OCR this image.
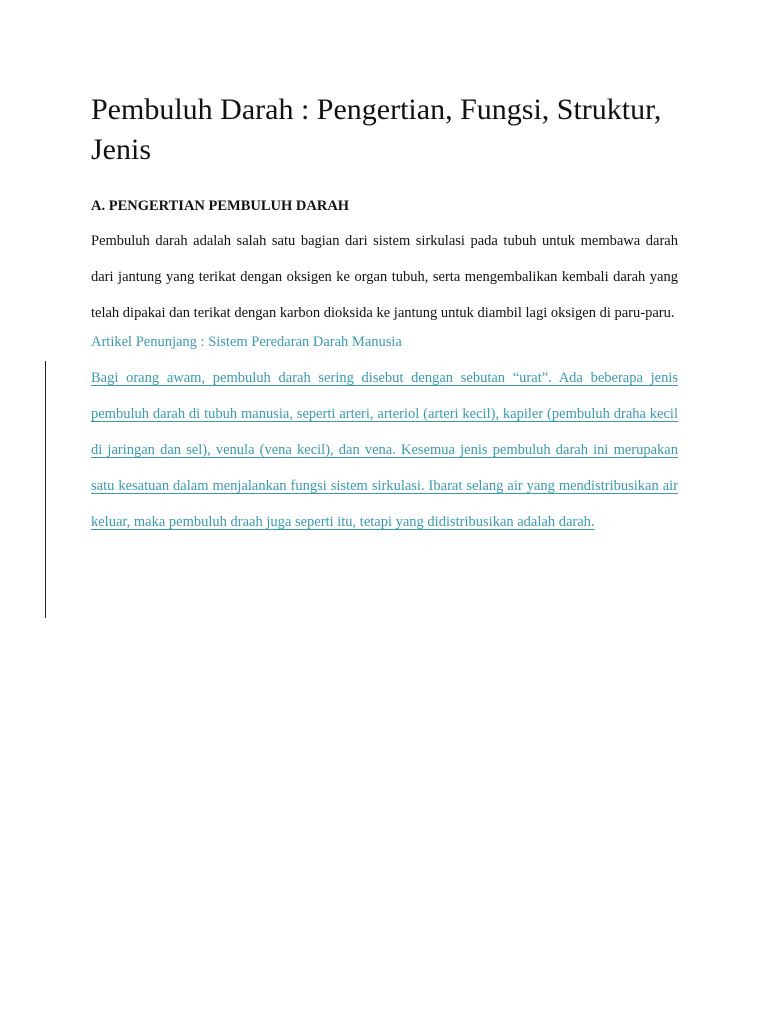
Pembuluh Darah : Pengertian, Fungsi, Struktur, Jenis
A. PENGERTIAN PEMBULUH DARAH

Pembuluh darah adalah salah satu bagian dari sistem sirkulasi pada tubuh untuk membawa darah dari jantung yang terikat dengan oksigen ke organ tubuh, serta mengembalikan kembali darah yang telah dipakai dan terikat dengan karbon dioksida ke jantung untuk diambil lagi oksigen di paru-paru.

Artikel Penunjang : Sistem Peredaran Darah Manusia
Bagi orang awam, pembuluh darah sering disebut dengan sebutan “urat”. Ada beberapa jenis pembuluh darah di tubuh manusia, seperti arteri, arteriol (arteri kecil), kapiler (pembuluh draha kecil di jaringan dan sel), venula (vena kecil), dan vena. Kesemua jenis pembuluh darah ini merupakan satu kesatuan dalam menjalankan fungsi sistem sirkulasi. Ibarat selang air yang mendistribusikan air keluar, maka pembuluh draah juga seperti itu, tetapi yang didistribusikan adalah darah.
